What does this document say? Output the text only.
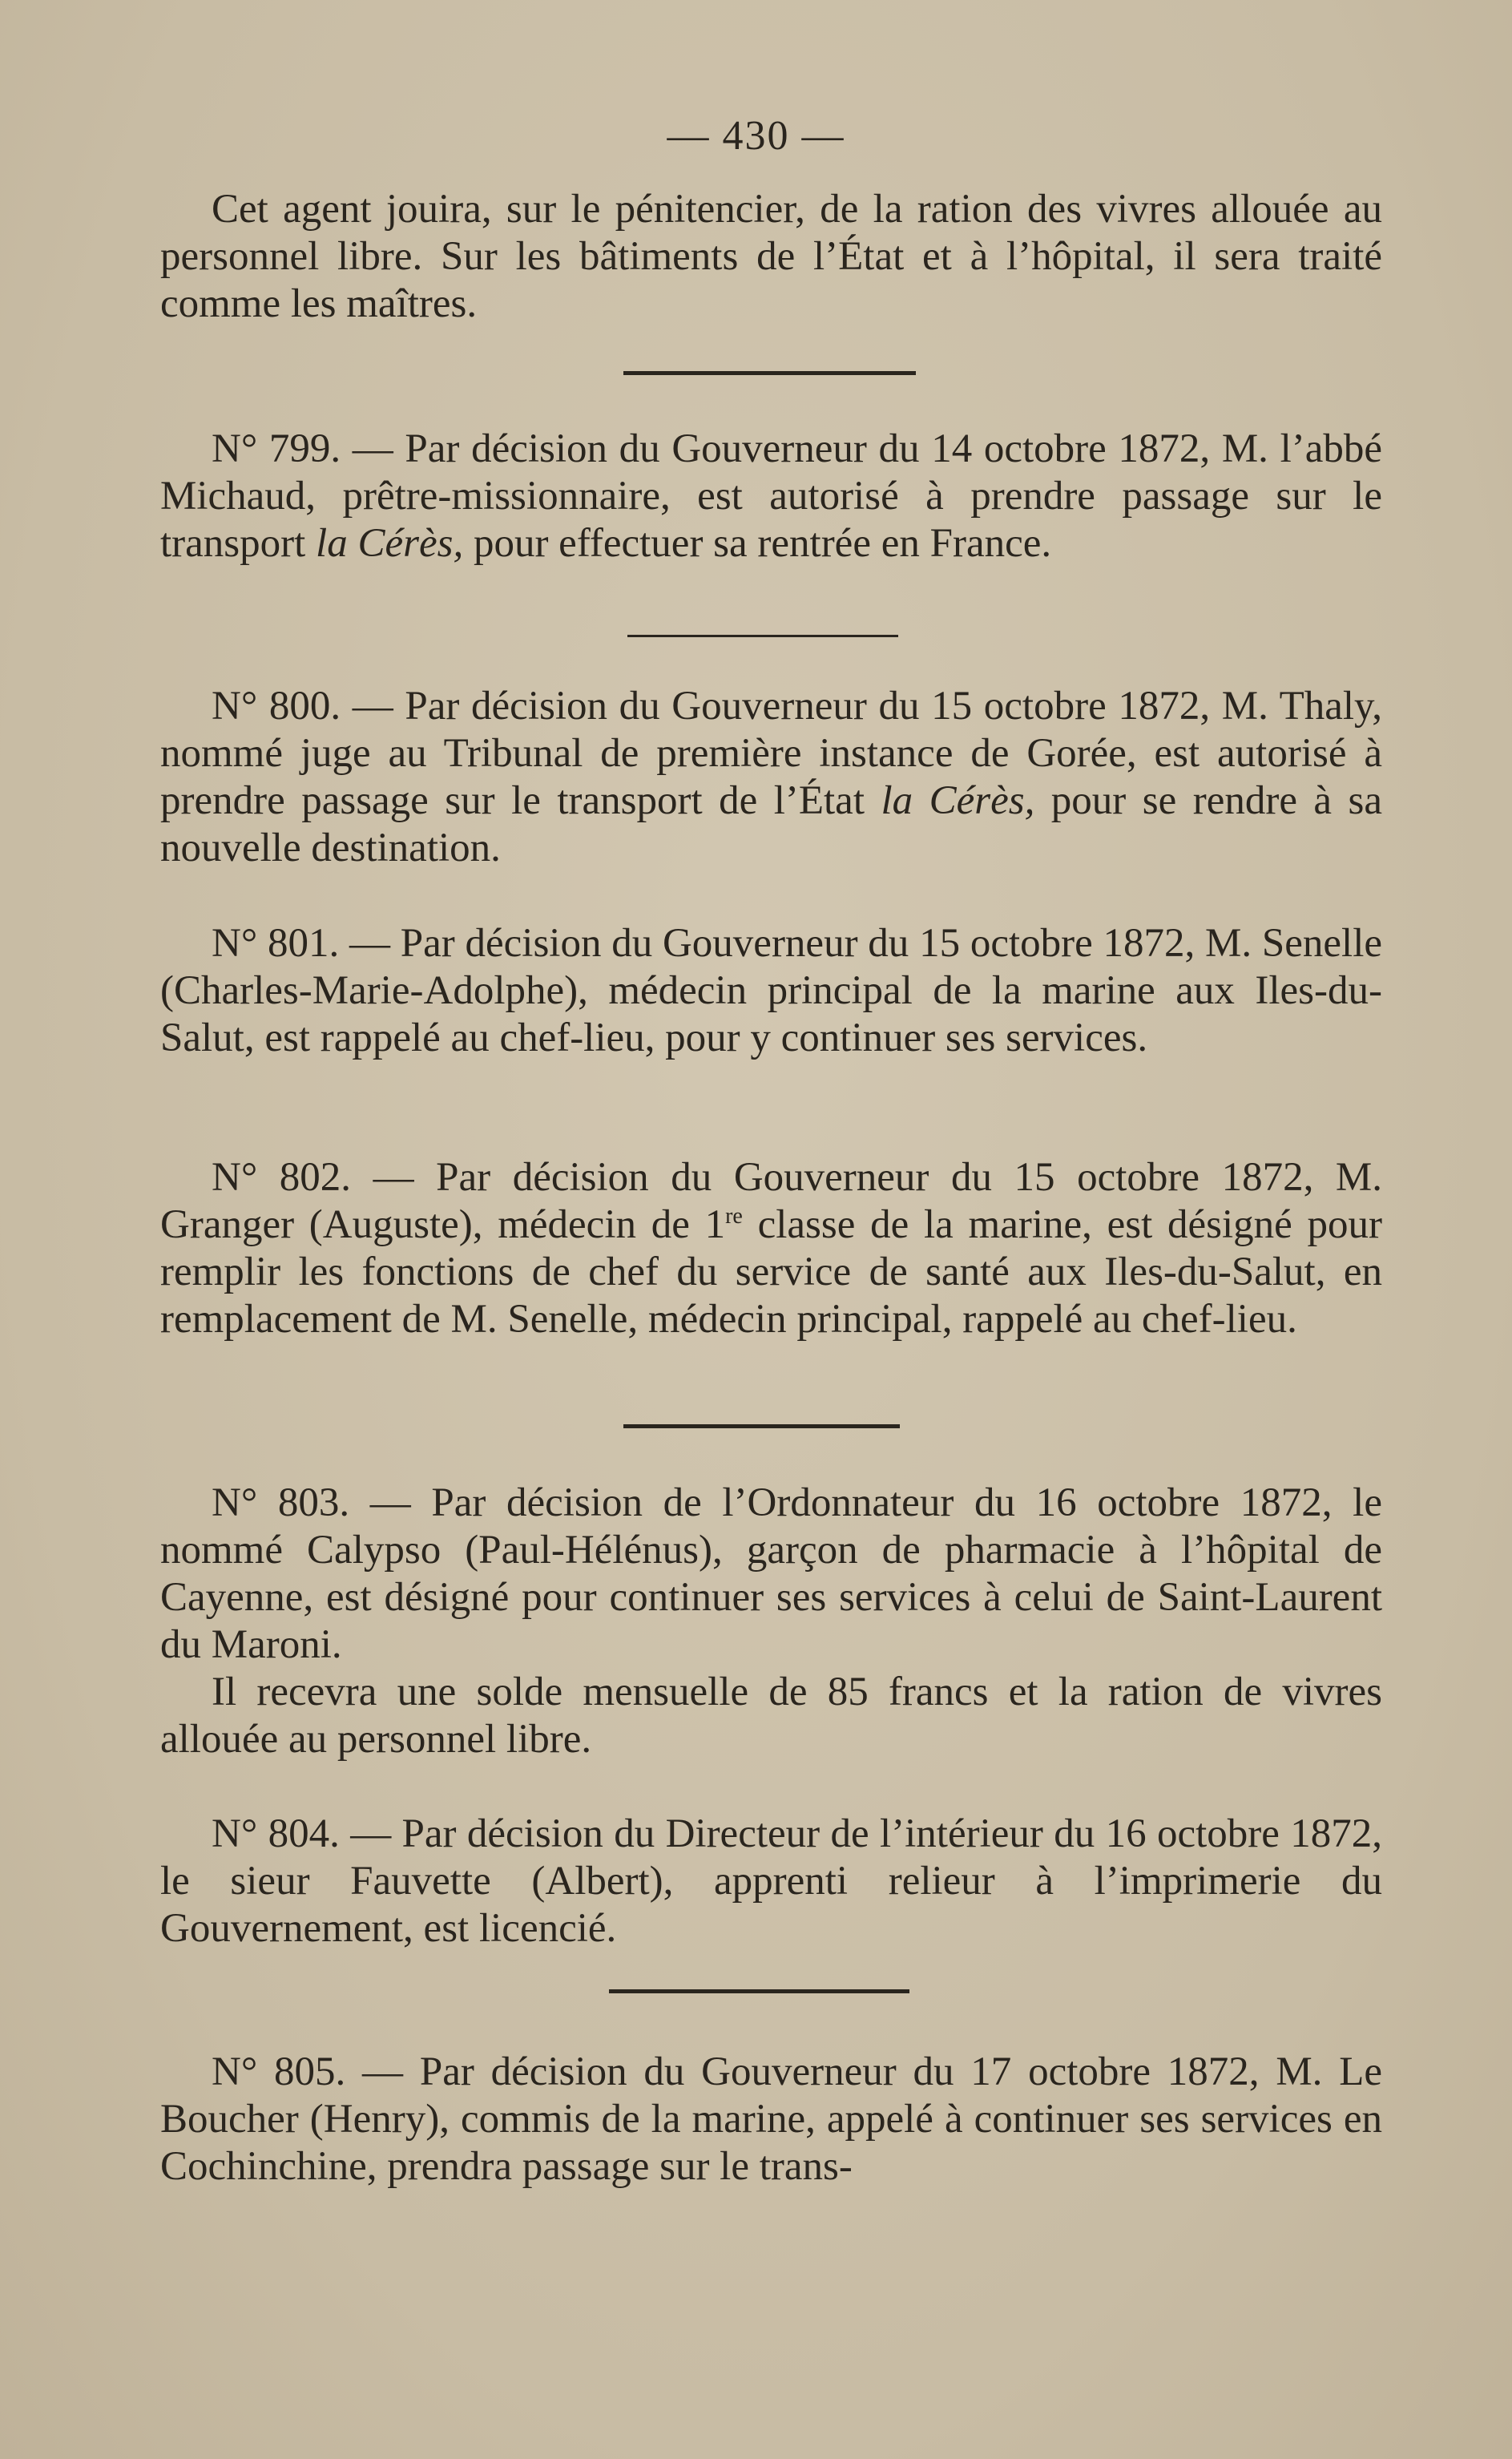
— 430 —

Cet agent jouira, sur le pénitencier, de la ration des vivres allouée au personnel libre. Sur les bâtiments de l’État et à l’hôpital, il sera traité comme les maîtres.

N° 799. — Par décision du Gouverneur du 14 octobre 1872, M. l’abbé Michaud, prêtre-missionnaire, est autorisé à prendre passage sur le transport la Cérès, pour effectuer sa rentrée en France.

N° 800. — Par décision du Gouverneur du 15 octobre 1872, M. Thaly, nommé juge au Tribunal de première instance de Gorée, est autorisé à prendre passage sur le transport de l’État la Cérès, pour se rendre à sa nouvelle destination.

N° 801. — Par décision du Gouverneur du 15 octobre 1872, M. Senelle (Charles-Marie-Adolphe), médecin principal de la marine aux Iles-du-Salut, est rappelé au chef-lieu, pour y continuer ses services.

N° 802. — Par décision du Gouverneur du 15 octobre 1872, M. Granger (Auguste), médecin de 1re classe de la marine, est désigné pour remplir les fonctions de chef du service de santé aux Iles-du-Salut, en remplacement de M. Senelle, médecin principal, rappelé au chef-lieu.

N° 803. — Par décision de l’Ordonnateur du 16 octobre 1872, le nommé Calypso (Paul-Hélénus), garçon de pharmacie à l’hôpital de Cayenne, est désigné pour continuer ses services à celui de Saint-Laurent du Maroni.

Il recevra une solde mensuelle de 85 francs et la ration de vivres allouée au personnel libre.

N° 804. — Par décision du Directeur de l’intérieur du 16 octobre 1872, le sieur Fauvette (Albert), apprenti relieur à l’imprimerie du Gouvernement, est licencié.

N° 805. — Par décision du Gouverneur du 17 octobre 1872, M. Le Boucher (Henry), commis de la marine, appelé à continuer ses services en Cochinchine, prendra passage sur le trans-
